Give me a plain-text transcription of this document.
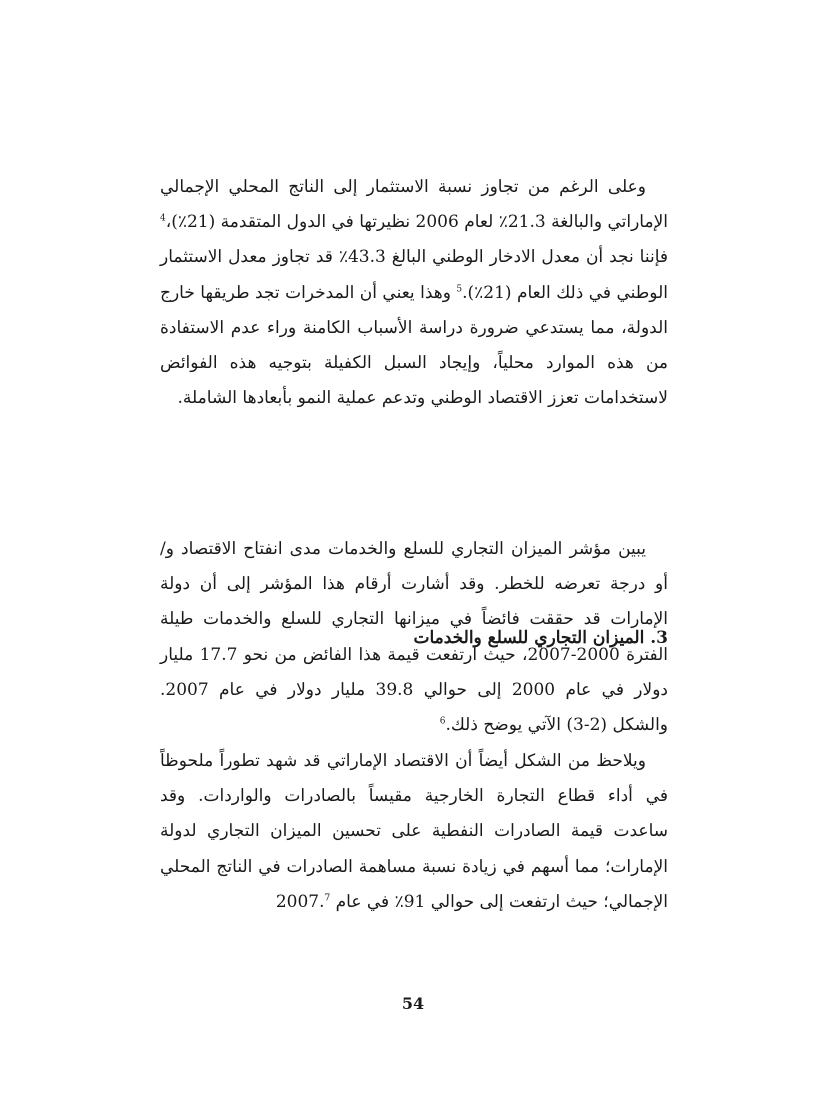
وعلى الرغم من تجاوز نسبة الاستثمار إلى الناتج المحلي الإجمالي الإماراتي والبالغة 21.3٪ لعام 2006 نظيرتها في الدول المتقدمة (21٪)،$^4$ فإننا نجد أن معدل الادخار الوطني البالغ 43.3٪ قد تجاوز معدل الاستثمار الوطني في ذلك العام (21٪).$^5$ وهذا يعني أن المدخرات تجد طريقها خارج الدولة، مما يستدعي ضرورة دراسة الأسباب الكامنة وراء عدم الاستفادة من هذه الموارد محلياً، وإيجاد السبل الكفيلة بتوجيه هذه الفوائض لاستخدامات تعزز الاقتصاد الوطني وتدعم عملية النمو بأبعادها الشاملة.

3. الميزان التجاري للسلع والخدمات

يبين مؤشر الميزان التجاري للسلع والخدمات مدى انفتاح الاقتصاد و/ أو درجة تعرضه للخطر. وقد أشارت أرقام هذا المؤشر إلى أن دولة الإمارات قد حققت فائضاً في ميزانها التجاري للسلع والخدمات طيلة الفترة 2000-2007، حيث ارتفعت قيمة هذا الفائض من نحو 17.7 مليار دولار في عام 2000 إلى حوالي 39.8 مليار دولار في عام 2007. والشكل (2-3) الآتي يوضح ذلك.$^6$

ويلاحظ من الشكل أيضاً أن الاقتصاد الإماراتي قد شهد تطوراً ملحوظاً في أداء قطاع التجارة الخارجية مقيساً بالصادرات والواردات. وقد ساعدت قيمة الصادرات النفطية على تحسين الميزان التجاري لدولة الإمارات؛ مما أسهم في زيادة نسبة مساهمة الصادرات في الناتج المحلي الإجمالي؛ حيث ارتفعت إلى حوالي 91٪ في عام 2007.$^7$

54
